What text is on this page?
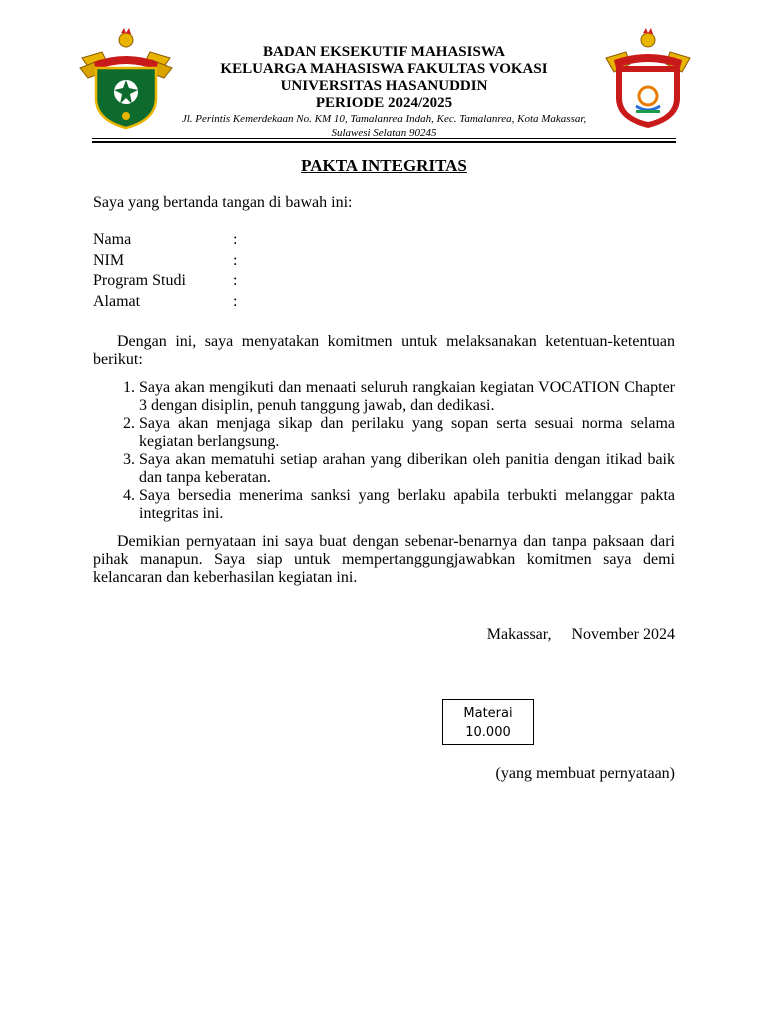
BADAN EKSEKUTIF MAHASISWA
KELUARGA MAHASISWA FAKULTAS VOKASI
UNIVERSITAS HASANUDDIN
PERIODE 2024/2025
Jl. Perintis Kemerdekaan No. KM 10, Tamalanrea Indah, Kec. Tamalanrea, Kota Makassar,
Sulawesi Selatan 90245
PAKTA INTEGRITAS

Saya yang bertanda tangan di bawah ini:

Nama	:
NIM	:
Program Studi	:
Alamat	:

Dengan ini, saya menyatakan komitmen untuk melaksanakan ketentuan-ketentuan berikut:

1. Saya akan mengikuti dan menaati seluruh rangkaian kegiatan VOCATION Chapter 3 dengan disiplin, penuh tanggung jawab, dan dedikasi.
2. Saya akan menjaga sikap dan perilaku yang sopan serta sesuai norma selama kegiatan berlangsung.
3. Saya akan mematuhi setiap arahan yang diberikan oleh panitia dengan itikad baik dan tanpa keberatan.
4. Saya bersedia menerima sanksi yang berlaku apabila terbukti melanggar pakta integritas ini.

Demikian pernyataan ini saya buat dengan sebenar-benarnya dan tanpa paksaan dari pihak manapun. Saya siap untuk mempertanggungjawabkan komitmen saya demi kelancaran dan keberhasilan kegiatan ini.

Makassar,     November 2024
Materai
10.000
(yang membuat pernyataan)
